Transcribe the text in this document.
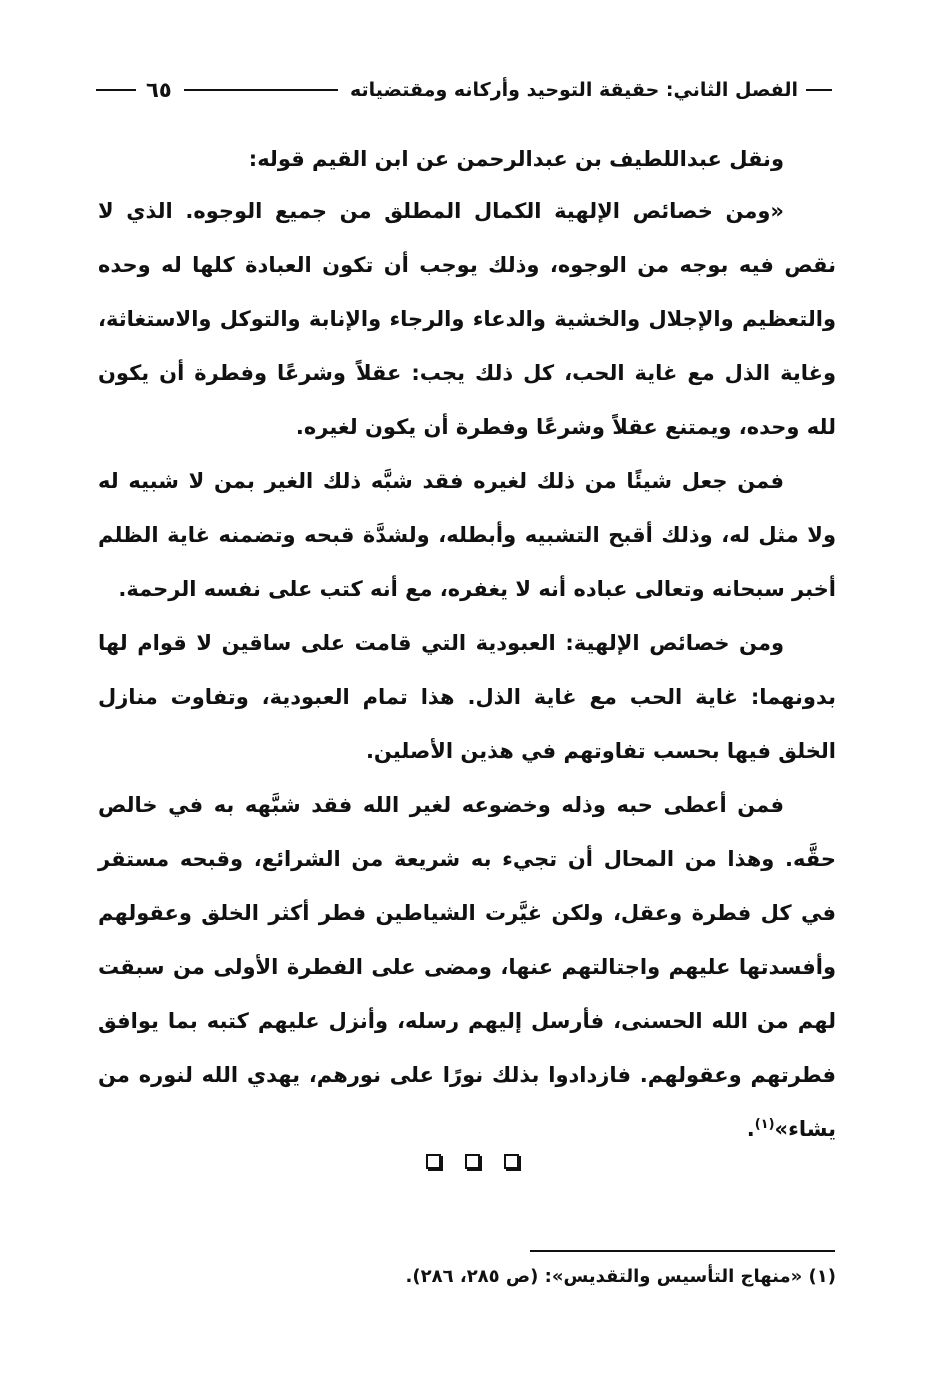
الفصل الثاني: حقيقة التوحيد وأركانه ومقتضياته
٦٥

ونقل عبداللطيف بن عبدالرحمن عن ابن القيم قوله:

«ومن خصائص الإلهية الكمال المطلق من جميع الوجوه. الذي لا نقص فيه بوجه من الوجوه، وذلك يوجب أن تكون العبادة كلها له وحده والتعظيم والإجلال والخشية والدعاء والرجاء والإنابة والتوكل والاستغاثة، وغاية الذل مع غاية الحب، كل ذلك يجب: عقلاً وشرعًا وفطرة أن يكون لله وحده، ويمتنع عقلاً وشرعًا وفطرة أن يكون لغيره.

فمن جعل شيئًا من ذلك لغيره فقد شبَّه ذلك الغير بمن لا شبيه له ولا مثل له، وذلك أقبح التشبيه وأبطله، ولشدَّة قبحه وتضمنه غاية الظلم أخبر سبحانه وتعالى عباده أنه لا يغفره، مع أنه كتب على نفسه الرحمة.

ومن خصائص الإلهية: العبودية التي قامت على ساقين لا قوام لها بدونهما: غاية الحب مع غاية الذل. هذا تمام العبودية، وتفاوت منازل الخلق فيها بحسب تفاوتهم في هذين الأصلين.

فمن أعطى حبه وذله وخضوعه لغير الله فقد شبَّهه به في خالص حقَّه. وهذا من المحال أن تجيء به شريعة من الشرائع، وقبحه مستقر في كل فطرة وعقل، ولكن غيَّرت الشياطين فطر أكثر الخلق وعقولهم وأفسدتها عليهم واجتالتهم عنها، ومضى على الفطرة الأولى من سبقت لهم من الله الحسنى، فأرسل إليهم رسله، وأنزل عليهم كتبه بما يوافق فطرتهم وعقولهم. فازدادوا بذلك نورًا على نورهم، يهدي الله لنوره من يشاء»$^{(١)}$.

(١) «منهاج التأسيس والتقديس»: (ص ٢٨٥، ٢٨٦).
